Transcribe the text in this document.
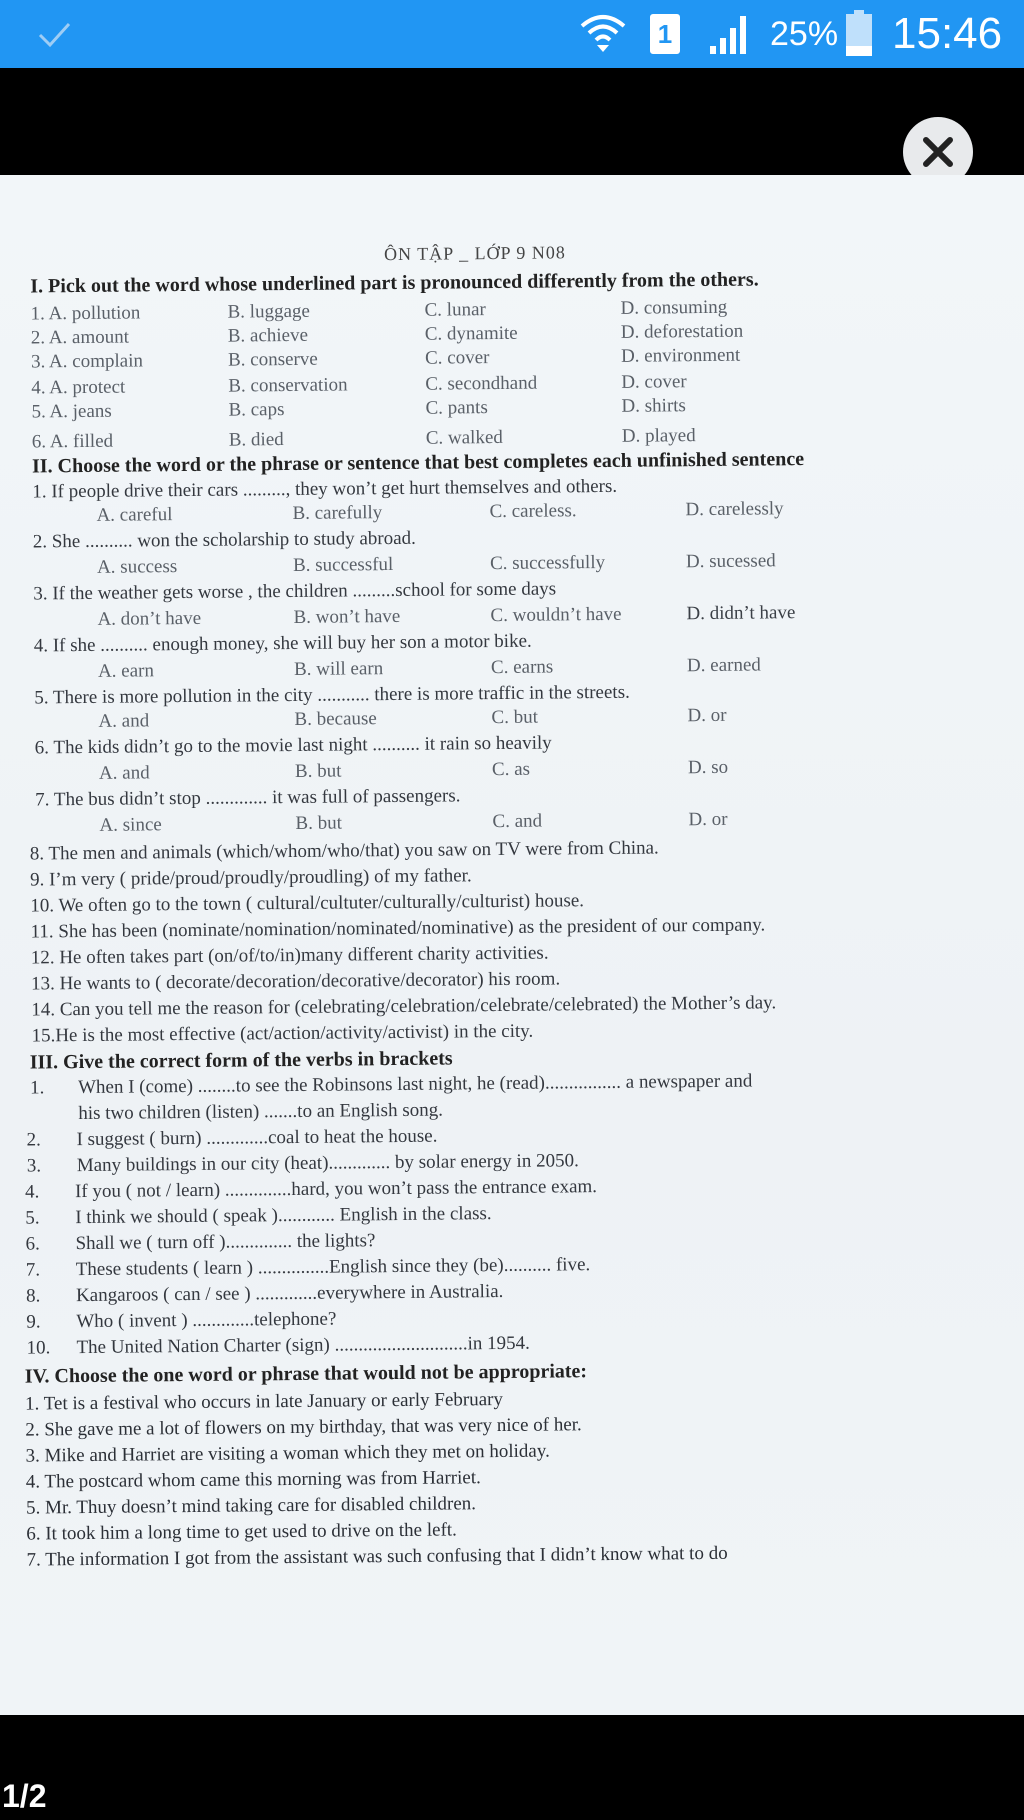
1	25% 15:46
ÔN TẬP _ LỚP 9 N08
I. Pick out the word whose underlined part is pronounced differently from the others.
1. A. pollution	B. luggage	C. lunar	D. consuming
2. A. amount	B. achieve	C. dynamite	D. deforestation
3. A. complain	B. conserve	C. cover	D. environment
4. A. protect	B. conservation	C. secondhand	D. cover
5. A. jeans	B. caps	C. pants	D. shirts
6. A. filled	B. died	C. walked	D. played
II. Choose the word or the phrase or sentence that best completes each unfinished sentence
1. If people drive their cars ........., they won’t get hurt themselves and others.
A. careful	B. carefully	C. careless.	D. carelessly
2. She .......... won the scholarship to study abroad.
A. success	B. successful	C. successfully	D. sucessed
3. If the weather gets worse , the children .........school for some days
A. don’t have	B. won’t have	C. wouldn’t have	D. didn’t have
4. If she .......... enough money, she will buy her son a motor bike.
A. earn	B. will earn	C. earns	D. earned
5. There is more pollution in the city ........... there is more traffic in the streets.
A. and	B. because	C. but	D. or
6. The kids didn’t go to the movie last night .......... it rain so heavily
A. and	B. but	C. as	D. so
7. The bus didn’t stop ............. it was full of passengers.
A. since	B. but	C. and	D. or
8. The men and animals (which/whom/who/that) you saw on TV were from China.
9. I’m very ( pride/proud/proudly/proudling) of my father.
10. We often go to the town ( cultural/cultuter/culturally/culturist) house.
11. She has been (nominate/nomination/nominated/nominative) as the president of our company.
12. He often takes part (on/of/to/in)many different charity activities.
13. He wants to ( decorate/decoration/decorative/decorator) his room.
14. Can you tell me the reason for (celebrating/celebration/celebrate/celebrated) the Mother’s day.
15.He is the most effective (act/action/activity/activist) in the city.
III. Give the correct form of the verbs in brackets
1. When I (come) ........to see the Robinsons last night, he (read)................ a newspaper and
his two children (listen) .......to an English song.
2. I suggest ( burn) .............coal to heat the house.
3. Many buildings in our city (heat)............. by solar energy in 2050.
4. If you ( not / learn) ..............hard, you won’t pass the entrance exam.
5. I think we should ( speak )............ English in the class.
6. Shall we ( turn off ).............. the lights?
7. These students ( learn ) ...............English since they (be).......... five.
8. Kangaroos ( can / see ) .............everywhere in Australia.
9. Who ( invent ) .............telephone?
10. The United Nation Charter (sign) ............................in 1954.
IV. Choose the one word or phrase that would not be appropriate:
1. Tet is a festival who occurs in late January or early February
2. She gave me a lot of flowers on my birthday, that was very nice of her.
3. Mike and Harriet are visiting a woman which they met on holiday.
4. The postcard whom came this morning was from Harriet.
5. Mr. Thuy doesn’t mind taking care for disabled children.
6. It took him a long time to get used to drive on the left.
7. The information I got from the assistant was such confusing that I didn’t know what to do
1/2
